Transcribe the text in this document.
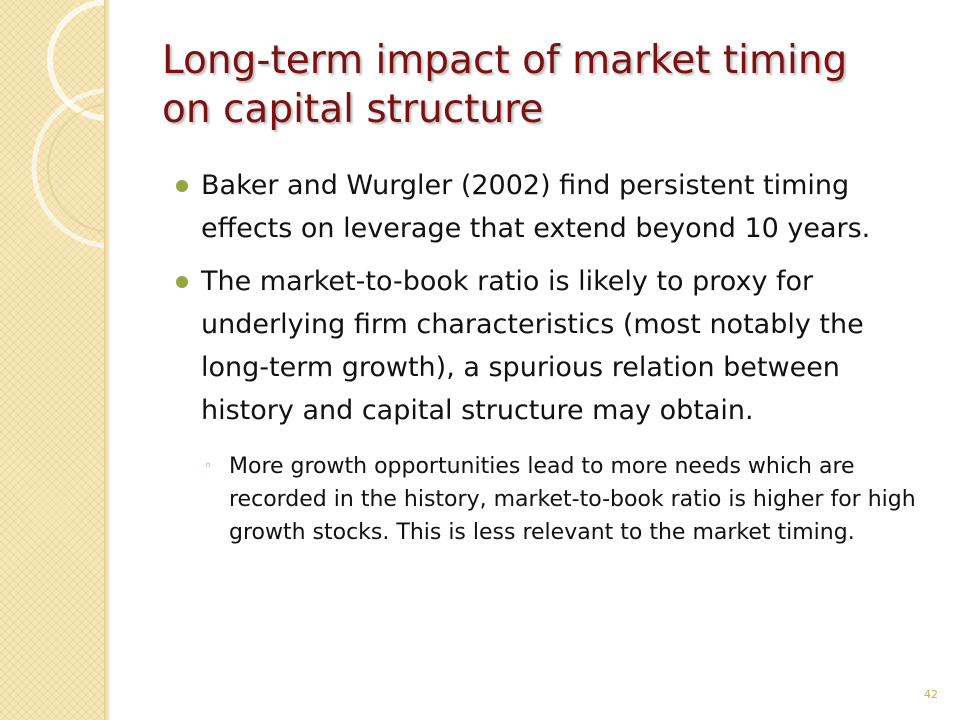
Long-term impact of market timing
on capital structure
Baker and Wurgler (2002) find persistent timing effects on leverage that extend beyond 10 years.
The market-to-book ratio is likely to proxy for underlying firm characteristics (most notably the long-term growth), a spurious relation between history and capital structure may obtain.
◦ More growth opportunities lead to more needs which are recorded in the history, market-to-book ratio is higher for high growth stocks. This is less relevant to the market timing.
42
